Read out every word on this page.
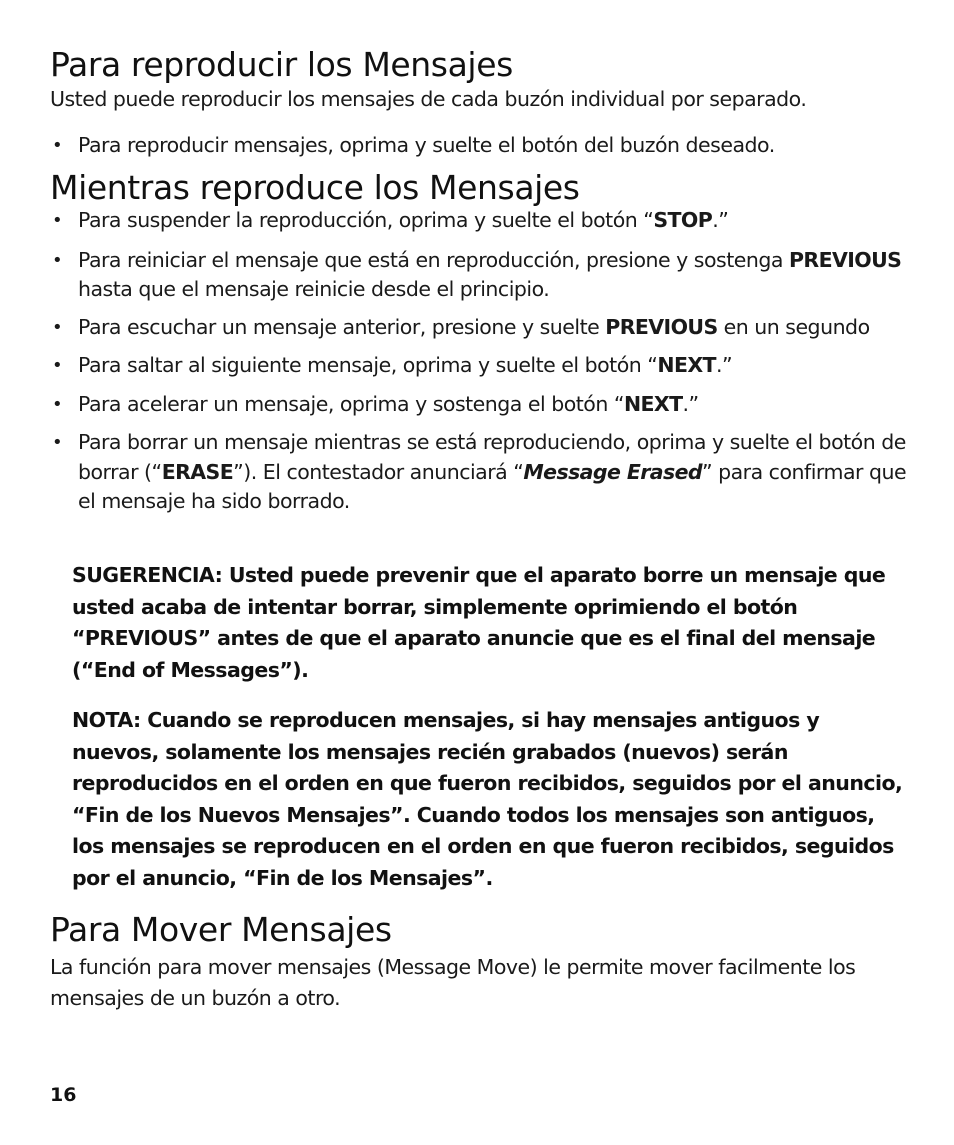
Para reproducir los Mensajes

Usted puede reproducir los mensajes de cada buzón individual por separado.

• Para reproducir mensajes, oprima y suelte el botón del buzón deseado.
Mientras reproduce los Mensajes
• Para suspender la reproducción, oprima y suelte el botón “STOP.”
• Para reiniciar el mensaje que está en reproducción, presione y sostenga PREVIOUS hasta que el mensaje reinicie desde el principio.
• Para escuchar un mensaje anterior, presione y suelte PREVIOUS en un segundo
• Para saltar al siguiente mensaje, oprima y suelte el botón “NEXT.”
• Para acelerar un mensaje, oprima y sostenga el botón “NEXT.”
• Para borrar un mensaje mientras se está reproduciendo, oprima y suelte el botón de borrar (“ERASE”). El contestador anunciará “Message Erased” para confirmar que el mensaje ha sido borrado.

SUGERENCIA: Usted puede prevenir que el aparato borre un mensaje que usted acaba de intentar borrar, simplemente oprimiendo el botón “PREVIOUS” antes de que el aparato anuncie que es el final del mensaje (“End of Messages”).

NOTA: Cuando se reproducen mensajes, si hay mensajes antiguos y nuevos, solamente los mensajes recién grabados (nuevos) serán reproducidos en el orden en que fueron recibidos, seguidos por el anuncio, “Fin de los Nuevos Mensajes”. Cuando todos los mensajes son antiguos, los mensajes se reproducen en el orden en que fueron recibidos, seguidos por el anuncio, “Fin de los Mensajes”.

Para Mover Mensajes

La función para mover mensajes (Message Move) le permite mover facilmente los mensajes de un buzón a otro.

16
